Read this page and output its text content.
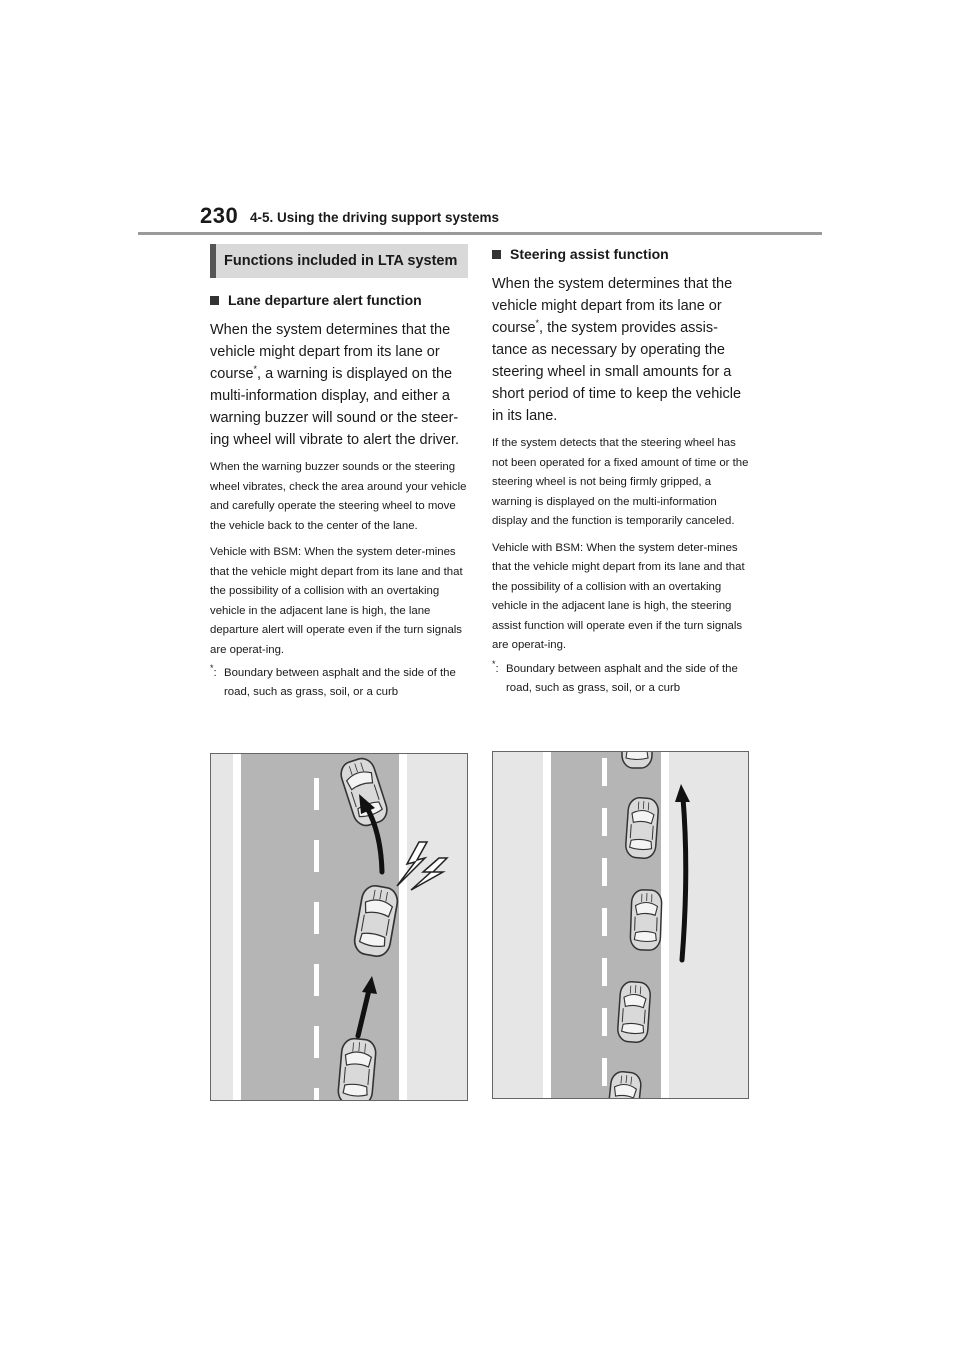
230 4-5. Using the driving support systems
Functions included in LTA system
Lane departure alert function
When the system determines that the vehicle might depart from its lane or course*, a warning is displayed on the multi-information display, and either a warning buzzer will sound or the steer-ing wheel will vibrate to alert the driver.
When the warning buzzer sounds or the steering wheel vibrates, check the area around your vehicle and carefully operate the steering wheel to move the vehicle back to the center of the lane.
Vehicle with BSM: When the system deter-mines that the vehicle might depart from its lane and that the possibility of a collision with an overtaking vehicle in the adjacent lane is high, the lane departure alert will operate even if the turn signals are operat-ing.
*: Boundary between asphalt and the side of the road, such as grass, soil, or a curb
Steering assist function
When the system determines that the vehicle might depart from its lane or course*, the system provides assis-tance as necessary by operating the steering wheel in small amounts for a short period of time to keep the vehicle in its lane.
If the system detects that the steering wheel has not been operated for a fixed amount of time or the steering wheel is not being firmly gripped, a warning is displayed on the multi-information display and the function is temporarily canceled.
Vehicle with BSM: When the system deter-mines that the vehicle might depart from its lane and that the possibility of a collision with an overtaking vehicle in the adjacent lane is high, the steering assist function will operate even if the turn signals are operat-ing.
*: Boundary between asphalt and the side of the road, such as grass, soil, or a curb
